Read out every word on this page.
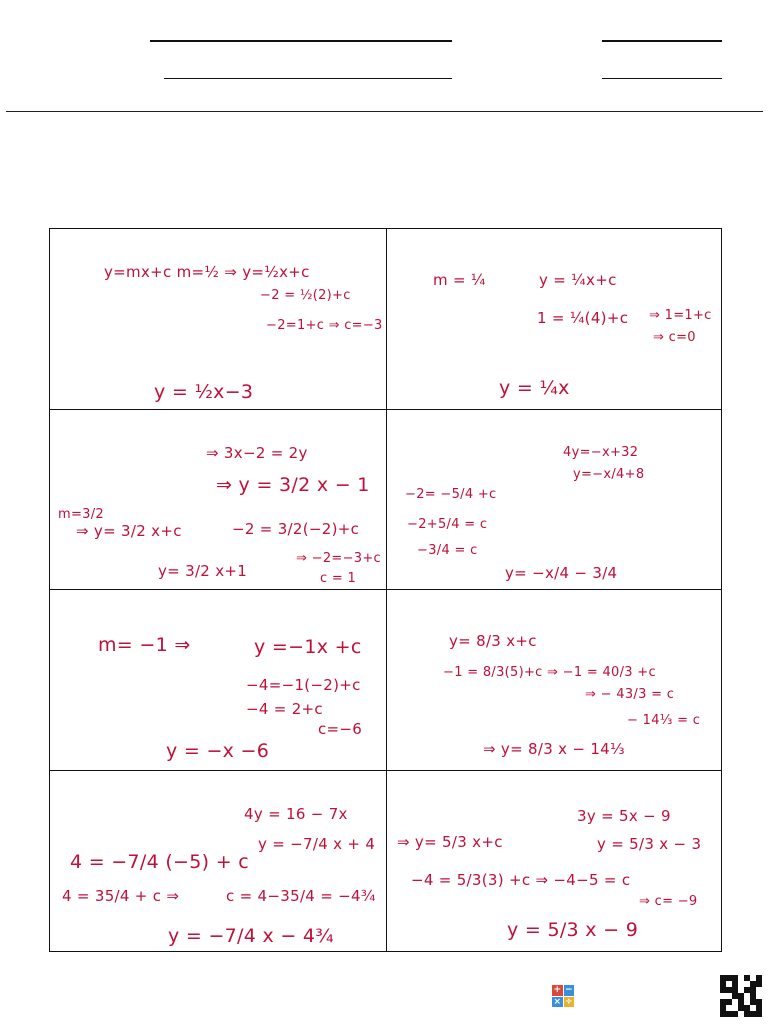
y=mx+c m=½ ⇒ y=½x+c

−2 = ½(2)+c

−2=1+c ⇒ c=−3

y = ½x−3

m = ¼	y = ¼x+c

1 = ¼(4)+c ⇒ 1=1+c

⇒ c=0

y = ¼x

⇒ 3x−2 = 2y

⇒ y = 3/2 x − 1

m=3/2

⇒ y= 3/2 x+c	−2 = 3/2(−2)+c

y= 3/2 x+1

⇒ −2=−3+c

c = 1

4y=−x+32

y=−x/4+8

−2= −5/4 +c

−2+5/4 = c

−3/4 = c

y= −x/4 − 3/4

m= −1 ⇒	y =−1x +c

−4=−1(−2)+c

−4 = 2+c

c=−6

y = −x −6

y= 8/3 x+c

−1 = 8/3(5)+c ⇒ −1 = 40/3 +c

⇒ − 43/3 = c

− 14⅓ = c

⇒ y= 8/3 x − 14⅓

4y = 16 − 7x

y = −7/4 x + 4

4 = −7/4 (−5) + c

4 = 35/4 + c ⇒	c = 4−35/4 = −4¾

y = −7/4 x − 4¾

⇒ y= 5/3 x+c

3y = 5x − 9

y = 5/3 x − 3

−4 = 5/3(3) +c ⇒ −4−5 = c

⇒ c= −9

y = 5/3 x − 9

+ −
× ÷
